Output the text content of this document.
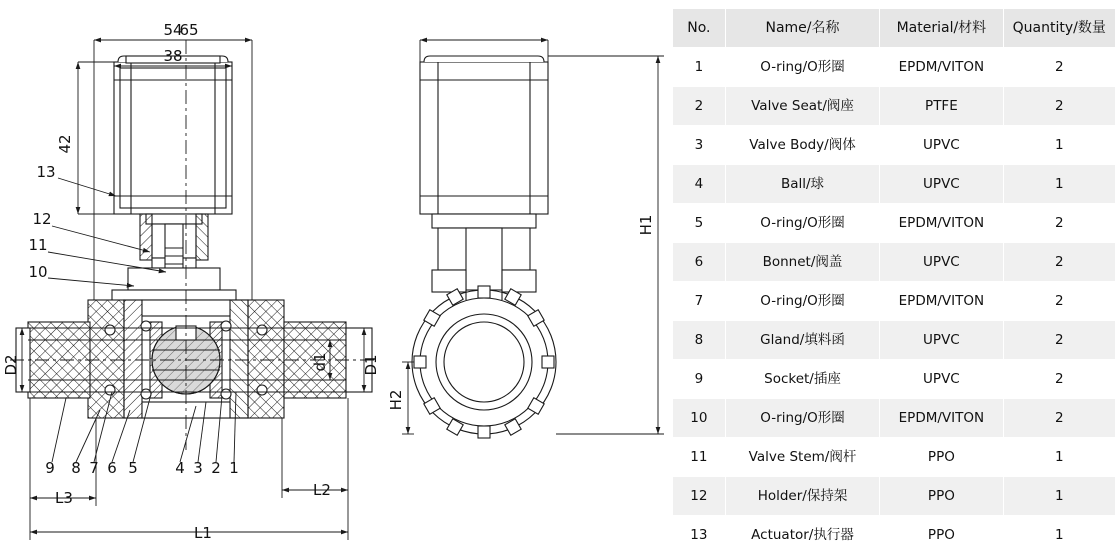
54
38
42
65
H1
H2
D2	d1 D1
L3	L2
L1
13
12
11
10
9 8 7 6 5 4 3 2 1
No.	Name/名称	Material/材料	Quantity/数量
1	O-ring/O形圈	EPDM/VITON	2
2	Valve Seat/阀座	PTFE	2
3	Valve Body/阀体	UPVC	1
4	Ball/球	UPVC	1
5	O-ring/O形圈	EPDM/VITON	2
6	Bonnet/阀盖	UPVC	2
7	O-ring/O形圈	EPDM/VITON	2
8	Gland/填料函	UPVC	2
9	Socket/插座	UPVC	2
10	O-ring/O形圈	EPDM/VITON	2
11	Valve Stem/阀杆	PPO	1
12	Holder/保持架	PPO	1
13	Actuator/执行器	PPO	1
